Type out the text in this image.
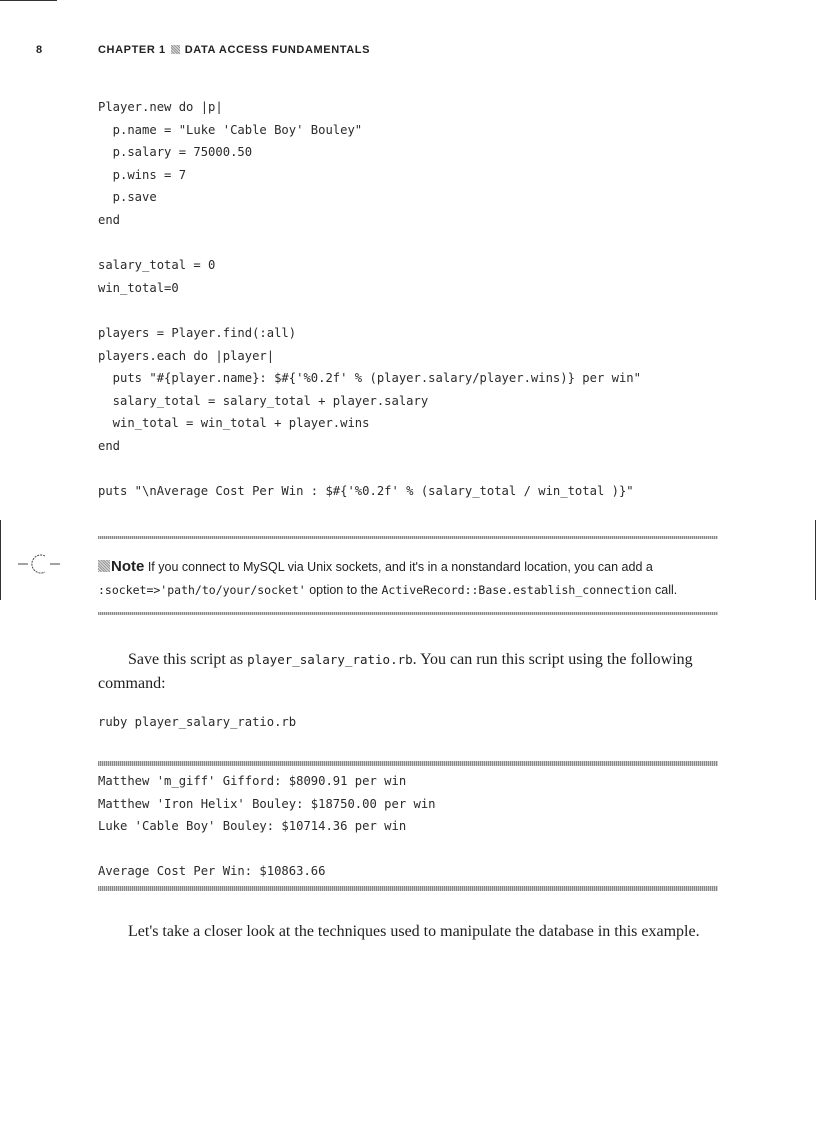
8	CHAPTER 1 DATA ACCESS FUNDAMENTALS
Player.new do |p|
p.name = "Luke 'Cable Boy' Bouley"
p.salary = 75000.50
p.wins = 7
p.save
end

salary_total = 0
win_total=0

players = Player.find(:all)
players.each do |player|
puts "#{player.name}: $#{'%0.2f' % (player.salary/player.wins)} per win"
salary_total = salary_total + player.salary
win_total = win_total + player.wins
end

puts "\nAverage Cost Per Win : $#{'%0.2f' % (salary_total / win_total )}"
Note If you connect to MySQL via Unix sockets, and it's in a nonstandard location, you can add a
:socket=>'path/to/your/socket' option to the ActiveRecord::Base.establish_connection call.
Save this script as player_salary_ratio.rb. You can run this script using the following command:
ruby player_salary_ratio.rb
Matthew 'm_giff' Gifford: $8090.91 per win
Matthew 'Iron Helix' Bouley: $18750.00 per win
Luke 'Cable Boy' Bouley: $10714.36 per win

Average Cost Per Win: $10863.66
Let's take a closer look at the techniques used to manipulate the database in this example.
